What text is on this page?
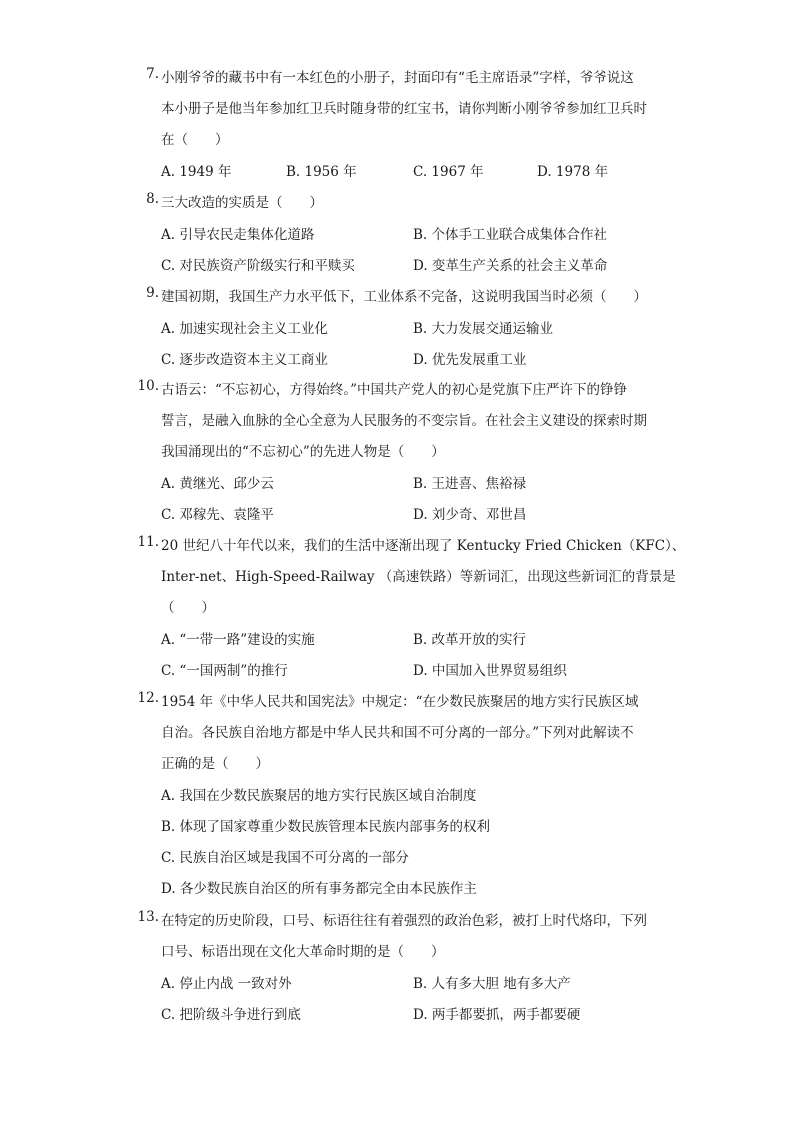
7. 小刚爷爷的藏书中有一本红色的小册子，封面印有“毛主席语录”字样，爷爷说这
本小册子是他当年参加红卫兵时随身带的红宝书，请你判断小刚爷爷参加红卫兵时
在（　　）
A. 1949 年	B. 1956 年	C. 1967 年	D. 1978 年
8. 三大改造的实质是（　　）
A. 引导农民走集体化道路	B. 个体手工业联合成集体合作社
C. 对民族资产阶级实行和平赎买	D. 变革生产关系的社会主义革命
9. 建国初期，我国生产力水平低下，工业体系不完备，这说明我国当时必须（　　）
A. 加速实现社会主义工业化	B. 大力发展交通运输业
C. 逐步改造资本主义工商业	D. 优先发展重工业
10. 古语云：“不忘初心，方得始终。”中国共产党人的初心是党旗下庄严许下的铮铮
誓言，是融入血脉的全心全意为人民服务的不变宗旨。在社会主义建设的探索时期
我国涌现出的“不忘初心”的先进人物是（　　）
A. 黄继光、邱少云	B. 王进喜、焦裕禄
C. 邓稼先、袁隆平	D. 刘少奇、邓世昌
11. 20 世纪八十年代以来，我们的生活中逐渐出现了 Kentucky Fried Chicken（KFC）、
Inter-net、High-Speed-Railway （高速铁路）等新词汇，出现这些新词汇的背景是
（　　）
A. “一带一路”建设的实施	B. 改革开放的实行
C. “一国两制”的推行	D. 中国加入世界贸易组织
12. 1954 年《中华人民共和国宪法》中规定：“在少数民族聚居的地方实行民族区域
自治。各民族自治地方都是中华人民共和国不可分离的一部分。”下列对此解读不
正确的是（　　）
A. 我国在少数民族聚居的地方实行民族区域自治制度
B. 体现了国家尊重少数民族管理本民族内部事务的权利
C. 民族自治区域是我国不可分离的一部分
D. 各少数民族自治区的所有事务都完全由本民族作主
13. 在特定的历史阶段，口号、标语往往有着强烈的政治色彩，被打上时代烙印，下列
口号、标语出现在文化大革命时期的是（　　）
A. 停止内战 一致对外	B. 人有多大胆 地有多大产
C. 把阶级斗争进行到底	D. 两手都要抓，两手都要硬
